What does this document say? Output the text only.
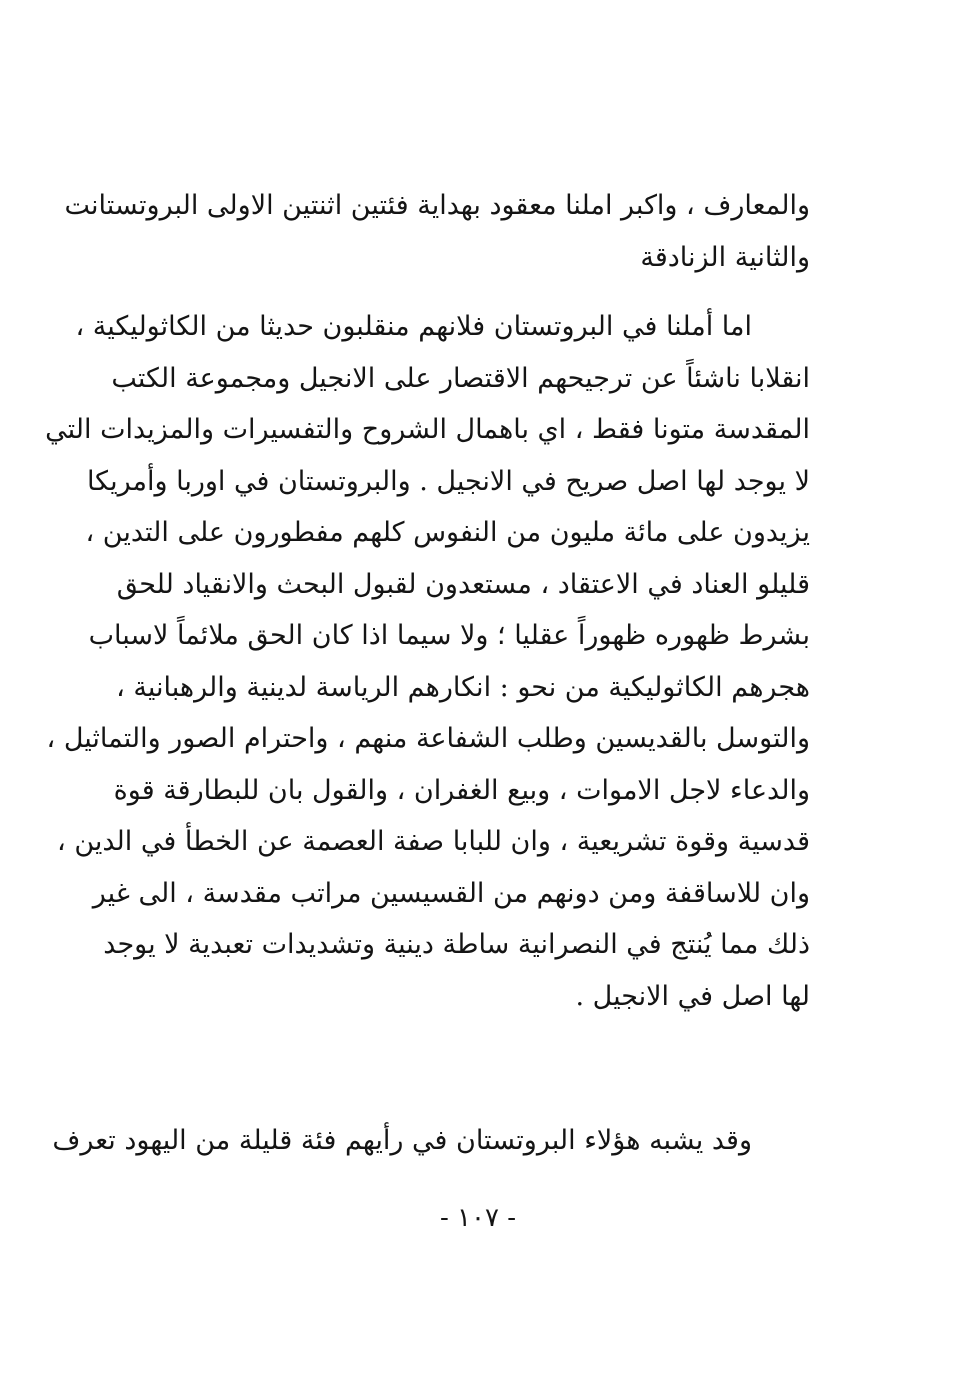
والمعارف ، واكبر املنا معقود بهداية فئتين اثنتين الاولى البروتستانت
والثانية الزنادقة
اما أملنا في البروتستان فلانهم منقلبون حديثا من الكاثوليكية ،
انقلابا ناشئاً عن ترجيحهم الاقتصار على الانجيل ومجموعة الكتب
المقدسة متونا فقط ، اي باهمال الشروح والتفسيرات والمزيدات التي
لا يوجد لها اصل صريح في الانجيل . والبروتستان في اوربا وأمريكا
يزيدون على مائة مليون من النفوس كلهم مفطورون على التدين ،
قليلو العناد في الاعتقاد ، مستعدون لقبول البحث والانقياد للحق
بشرط ظهوره ظهوراً عقليا ؛ ولا سيما اذا كان الحق ملائماً لاسباب
هجرهم الكاثوليكية من نحو : انكارهم الرياسة لدينية والرهبانية ،
والتوسل بالقديسين وطلب الشفاعة منهم ، واحترام الصور والتماثيل ،
والدعاء لاجل الاموات ، وبيع الغفران ، والقول بان للبطارقة قوة
قدسية وقوة تشريعية ، وان للبابا صفة العصمة عن الخطأ في الدين ،
وان للاساقفة ومن دونهم من القسيسين مراتب مقدسة ، الى غير
ذلك مما يُنتج في النصرانية ساطة دينية وتشديدات تعبدية لا يوجد
لها اصل في الانجيل .
وقد يشبه هؤلاء البروتستان في رأيهم فئة قليلة من اليهود تعرف
- ١٠٧ -
